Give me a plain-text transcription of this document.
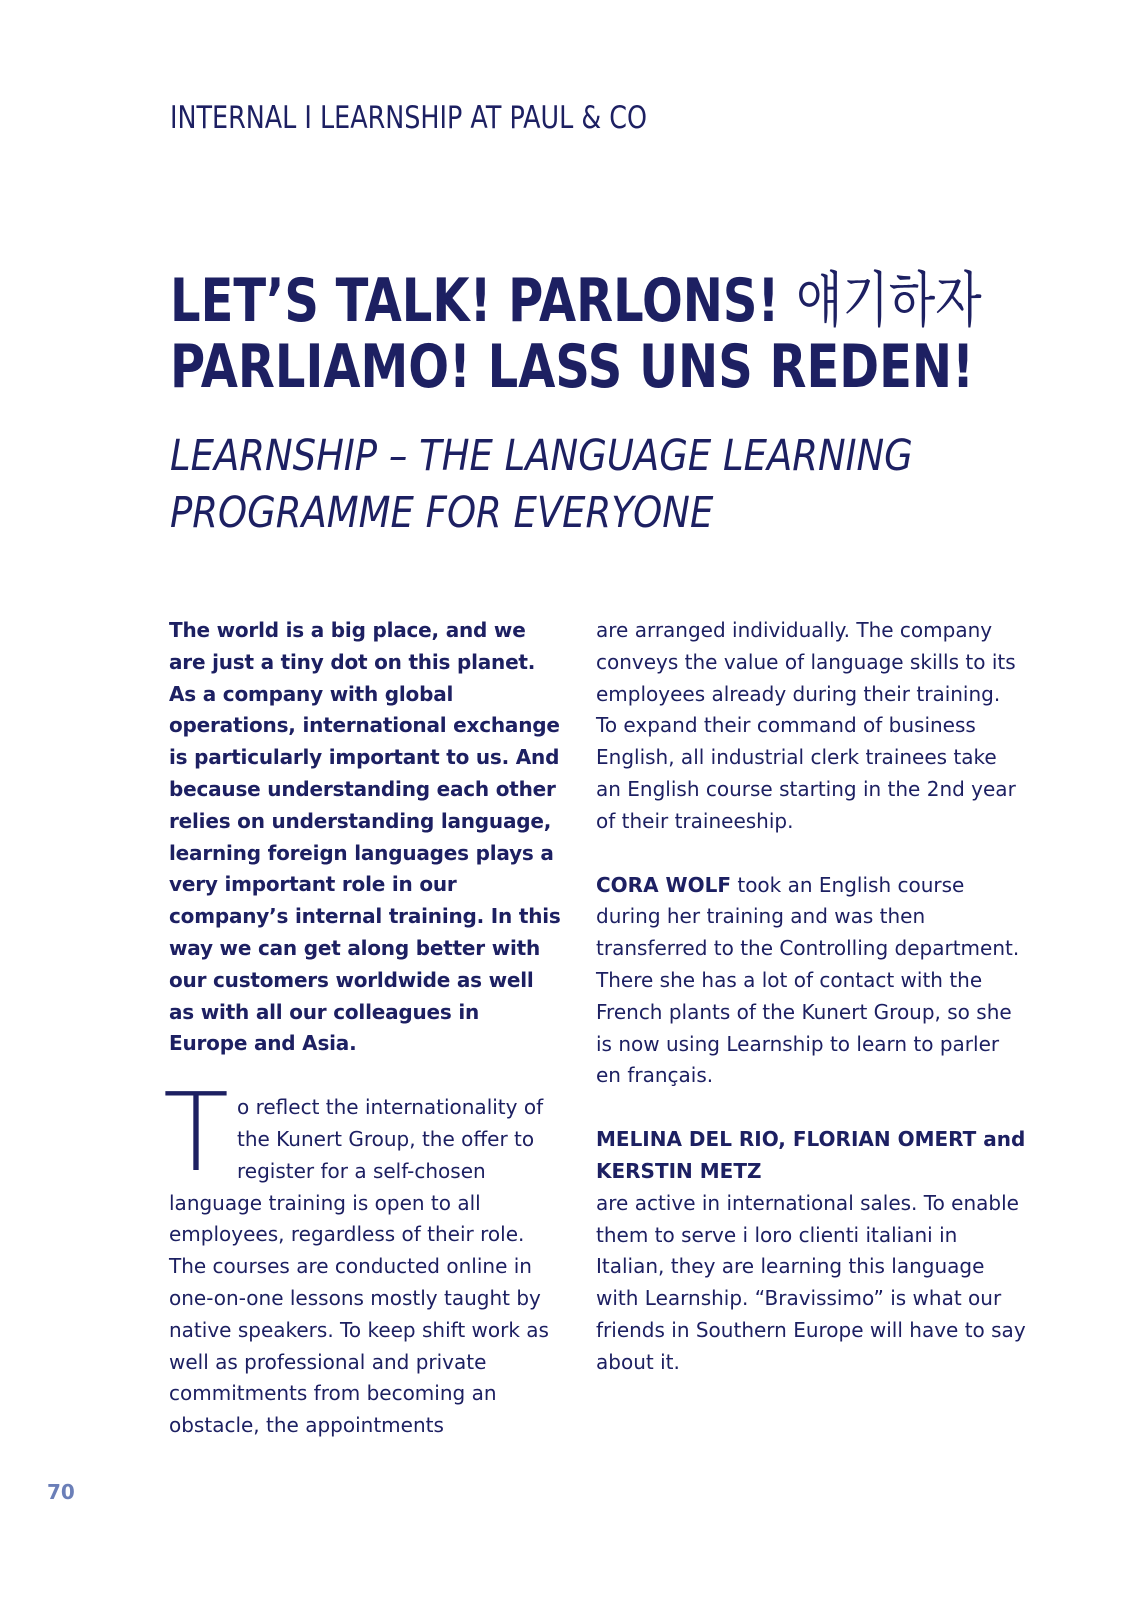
INTERNAL I LEARNSHIP AT PAUL & CO
LET’S TALK! PARLONS! 얘기하자
PARLIAMO! LASS UNS REDEN!
LEARNSHIP – THE LANGUAGE LEARNING
PROGRAMME FOR EVERYONE

The world is a big place, and we are just a tiny dot on this planet. As a company with global operations, international exchange is particularly important to us. And because understanding each other relies on understanding language, learning foreign languages plays a very important role in our company’s internal training. In this way we can get along better with our customers worldwide as well as with all our colleagues in Europe and Asia.

To reflect the internationality of the Kunert Group, the offer to register for a self-chosen language training is open to all employees, regardless of their role. The courses are conducted online in one-on-one lessons mostly taught by native speakers. To keep shift work as well as professional and private commitments from becoming an obstacle, the appointments

are arranged individually. The company conveys the value of language skills to its employees already during their training. To expand their command of business English, all industrial clerk trainees take an English course starting in the 2nd year of their traineeship.

CORA WOLF took an English course during her training and was then transferred to the Controlling department. There she has a lot of contact with the French plants of the Kunert Group, so she is now using Learnship to learn to parler en français.

MELINA DEL RIO, FLORIAN OMERT and KERSTIN METZ

are active in international sales. To enable them to serve i loro clienti italiani in Italian, they are learning this language with Learnship. “Bravissimo” is what our friends in Southern Europe will have to say about it.

70
